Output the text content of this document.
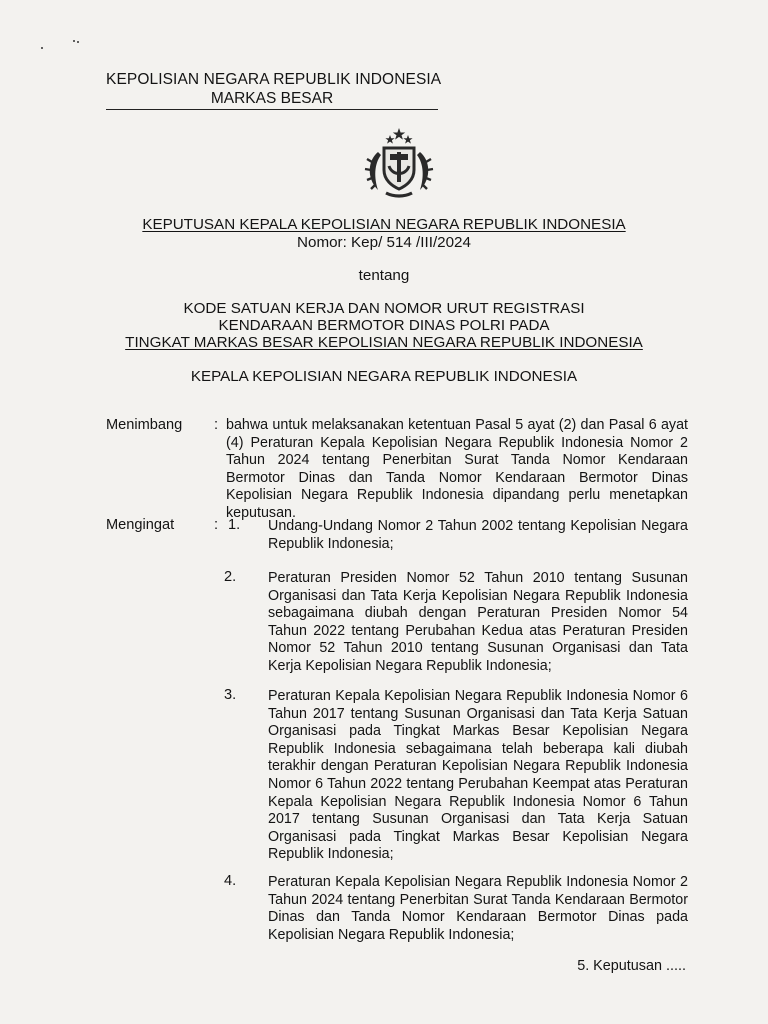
KEPOLISIAN NEGARA REPUBLIK INDONESIA
MARKAS BESAR
KEPUTUSAN KEPALA KEPOLISIAN NEGARA REPUBLIK INDONESIA
Nomor: Kep/ 514 /III/2024
tentang
KODE SATUAN KERJA DAN NOMOR URUT REGISTRASI
KENDARAAN BERMOTOR DINAS POLRI PADA
TINGKAT MARKAS BESAR KEPOLISIAN NEGARA REPUBLIK INDONESIA
KEPALA KEPOLISIAN NEGARA REPUBLIK INDONESIA
Menimbang : bahwa untuk melaksanakan ketentuan Pasal 5 ayat (2) dan Pasal 6 ayat (4) Peraturan Kepala Kepolisian Negara Republik Indonesia Nomor 2 Tahun 2024 tentang Penerbitan Surat Tanda Nomor Kendaraan Bermotor Dinas dan Tanda Nomor Kendaraan Bermotor Dinas Kepolisian Negara Republik Indonesia dipandang perlu menetapkan keputusan.
Mengingat	: 1. Undang-Undang Nomor 2 Tahun 2002 tentang Kepolisian Negara Republik Indonesia;
2. Peraturan Presiden Nomor 52 Tahun 2010 tentang Susunan Organisasi dan Tata Kerja Kepolisian Negara Republik Indonesia sebagaimana diubah dengan Peraturan Presiden Nomor 54 Tahun 2022 tentang Perubahan Kedua atas Peraturan Presiden Nomor 52 Tahun 2010 tentang Susunan Organisasi dan Tata Kerja Kepolisian Negara Republik Indonesia;
3. Peraturan Kepala Kepolisian Negara Republik Indonesia Nomor 6 Tahun 2017 tentang Susunan Organisasi dan Tata Kerja Satuan Organisasi pada Tingkat Markas Besar Kepolisian Negara Republik Indonesia sebagaimana telah beberapa kali diubah terakhir dengan Peraturan Kepolisian Negara Republik Indonesia Nomor 6 Tahun 2022 tentang Perubahan Keempat atas Peraturan Kepala Kepolisian Negara Republik Indonesia Nomor 6 Tahun 2017 tentang Susunan Organisasi dan Tata Kerja Satuan Organisasi pada Tingkat Markas Besar Kepolisian Negara Republik Indonesia;
4. Peraturan Kepala Kepolisian Negara Republik Indonesia Nomor 2 Tahun 2024 tentang Penerbitan Surat Tanda Kendaraan Bermotor Dinas dan Tanda Nomor Kendaraan Bermotor Dinas pada Kepolisian Negara Republik Indonesia;
5. Keputusan .....
